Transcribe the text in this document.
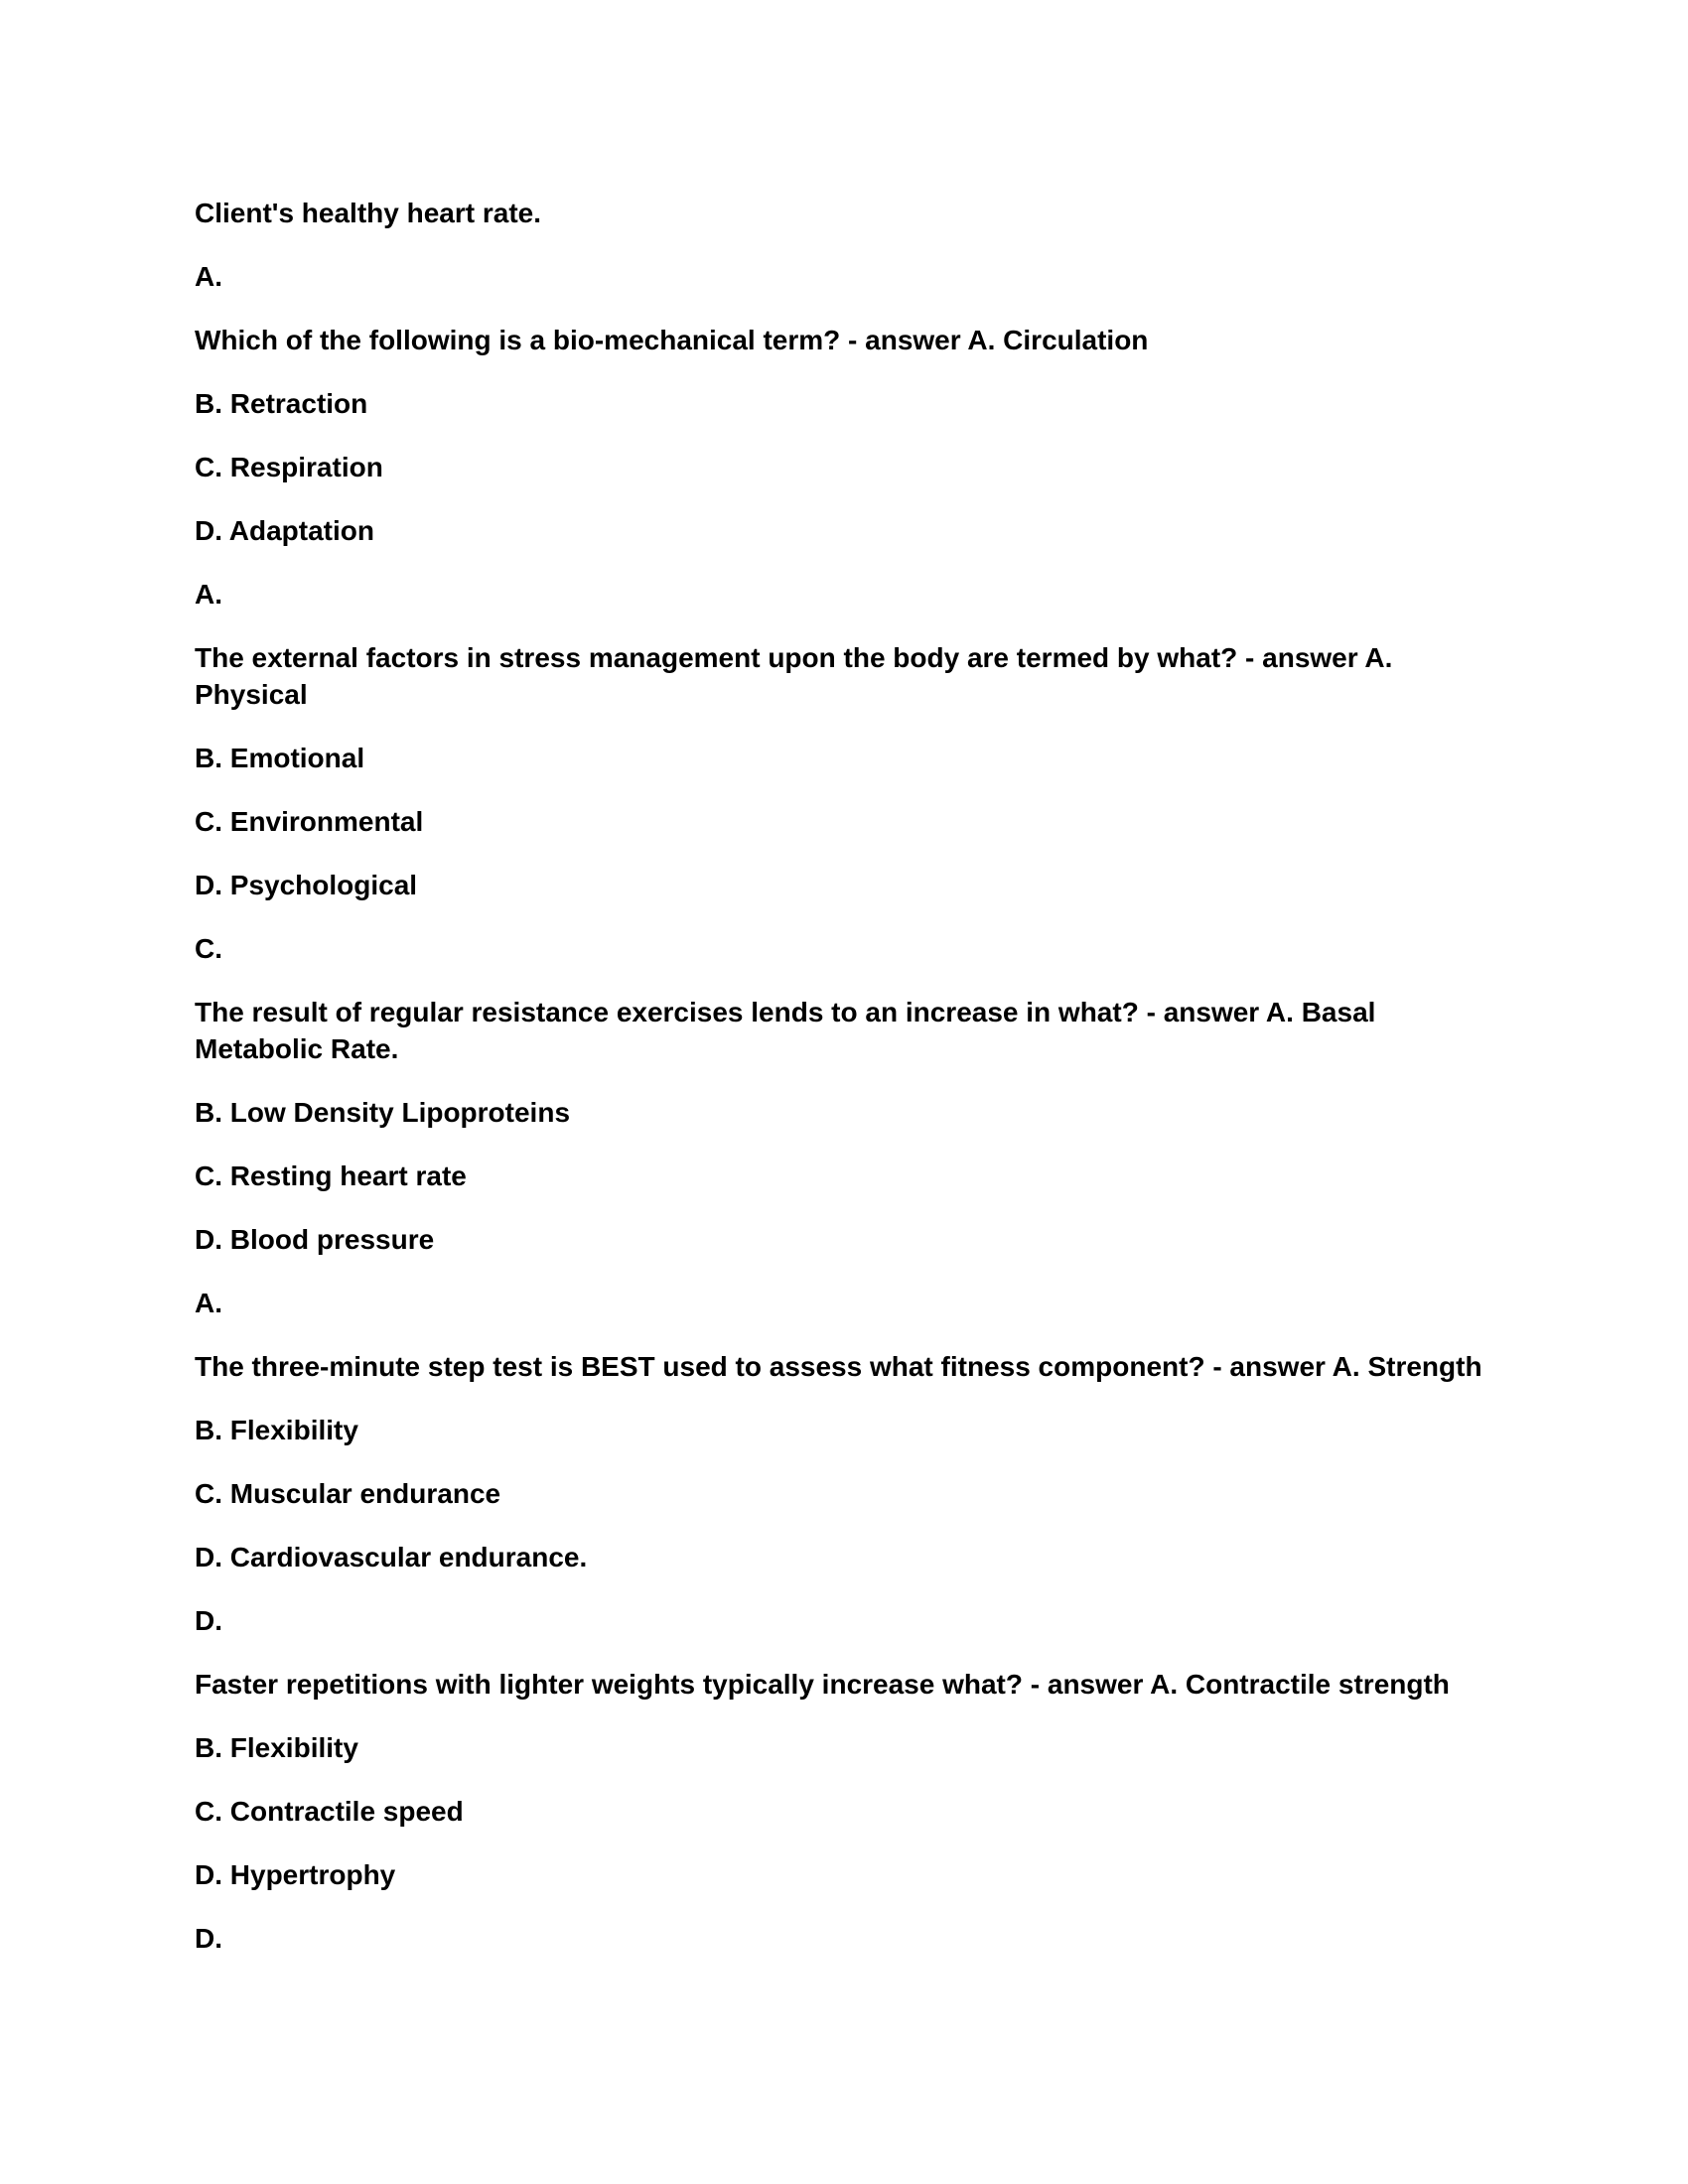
Client's healthy heart rate.

A.

Which of the following is a bio-mechanical term? - answer A. Circulation

B. Retraction

C. Respiration

D. Adaptation

A.

The external factors in stress management upon the body are termed by what? - answer A. Physical

B. Emotional

C. Environmental

D. Psychological

C.

The result of regular resistance exercises lends to an increase in what? - answer A. Basal Metabolic Rate.

B. Low Density Lipoproteins

C. Resting heart rate

D. Blood pressure

A.

The three-minute step test is BEST used to assess what fitness component? - answer A. Strength

B. Flexibility

C. Muscular endurance

D. Cardiovascular endurance.

D.

Faster repetitions with lighter weights typically increase what? - answer A. Contractile strength

B. Flexibility

C. Contractile speed

D. Hypertrophy

D.
